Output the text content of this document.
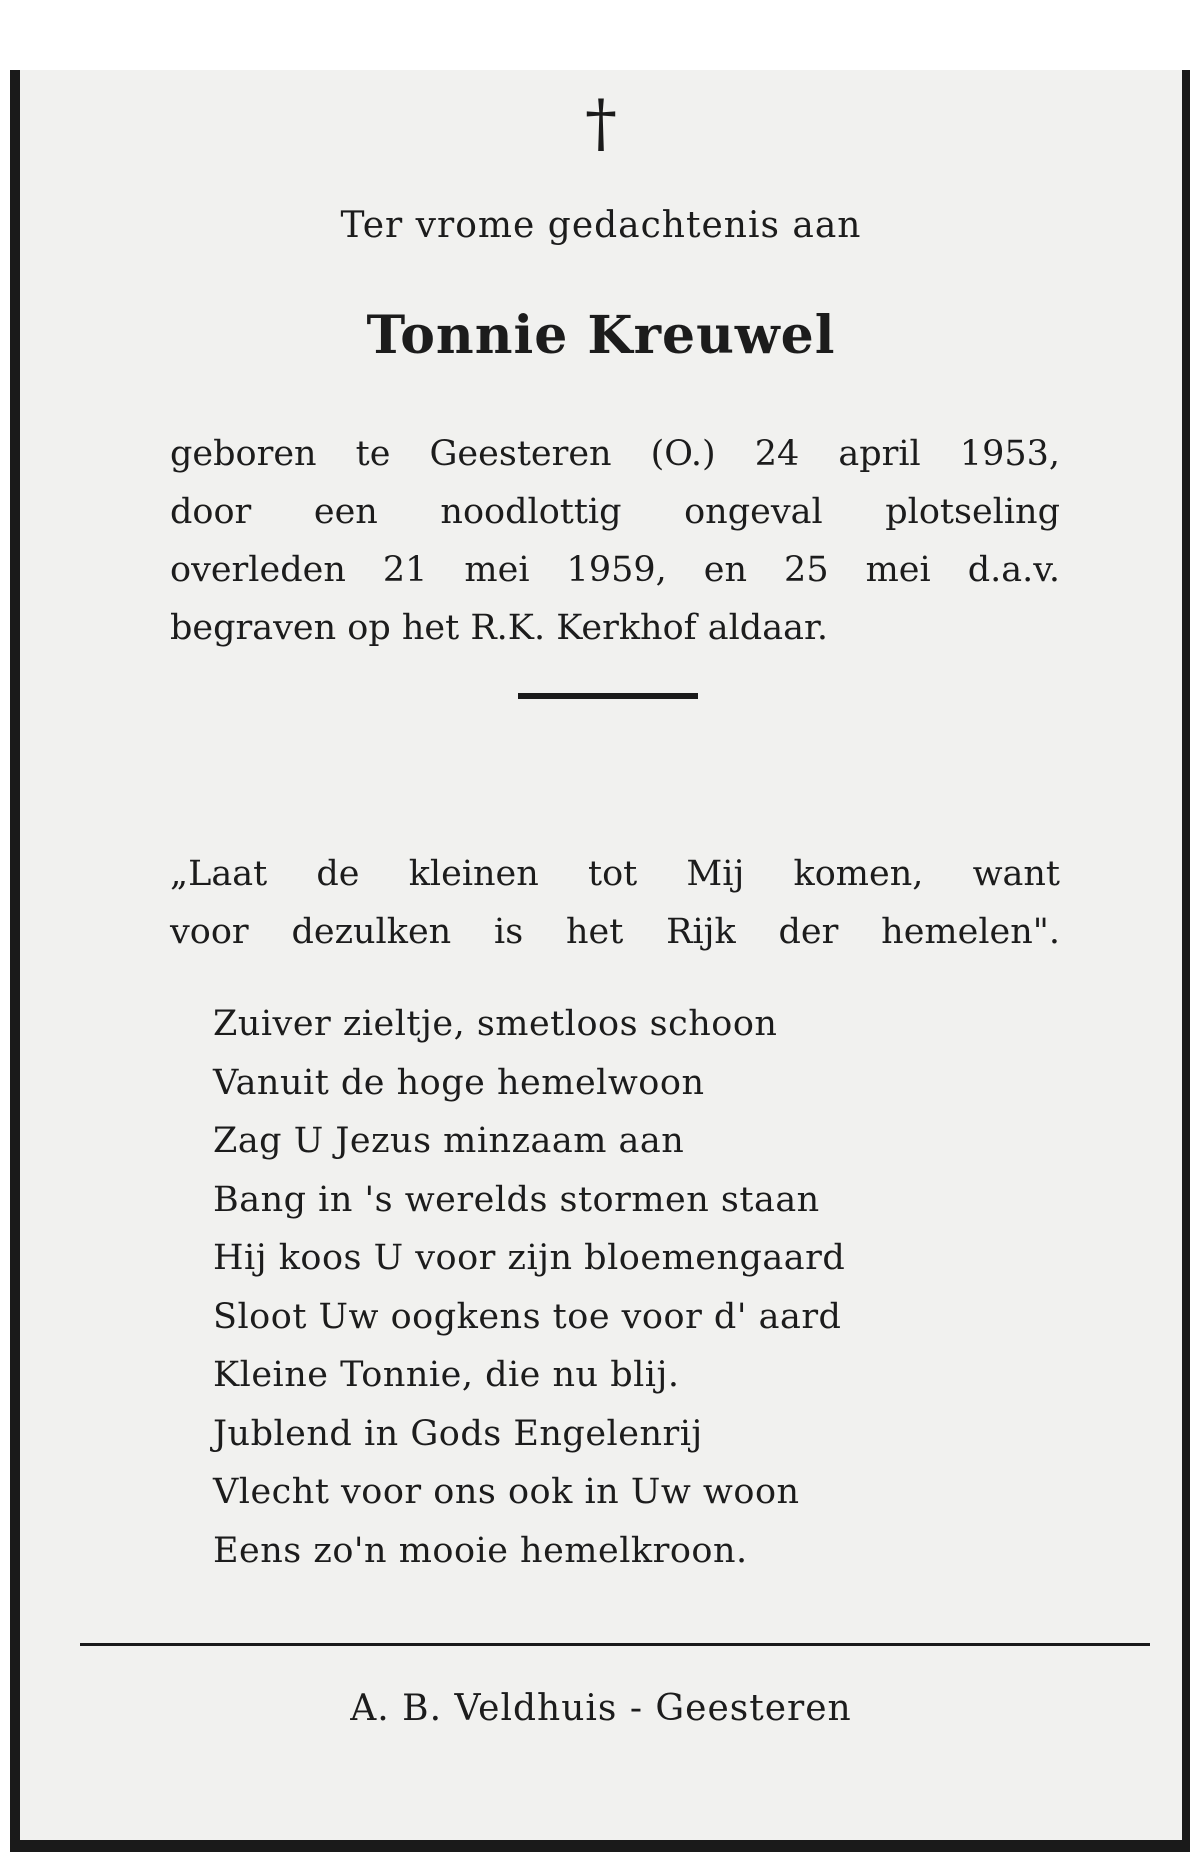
†
Ter vrome gedachtenis aan
Tonnie Kreuwel
geboren te Geesteren (O.) 24 april 1953,
door een noodlottig ongeval plotseling
overleden 21 mei 1959, en 25 mei d.a.v.
begraven op het R.K. Kerkhof aldaar.
„Laat de kleinen tot Mij komen, want
voor dezulken is het Rijk der hemelen".
Zuiver zieltje, smetloos schoon
Vanuit de hoge hemelwoon
Zag U Jezus minzaam aan
Bang in 's werelds stormen staan
Hij koos U voor zijn bloemengaard
Sloot Uw oogkens toe voor d' aard
Kleine Tonnie, die nu blij.
Jublend in Gods Engelenrij
Vlecht voor ons ook in Uw woon
Eens zo'n mooie hemelkroon.
A. B. Veldhuis - Geesteren
